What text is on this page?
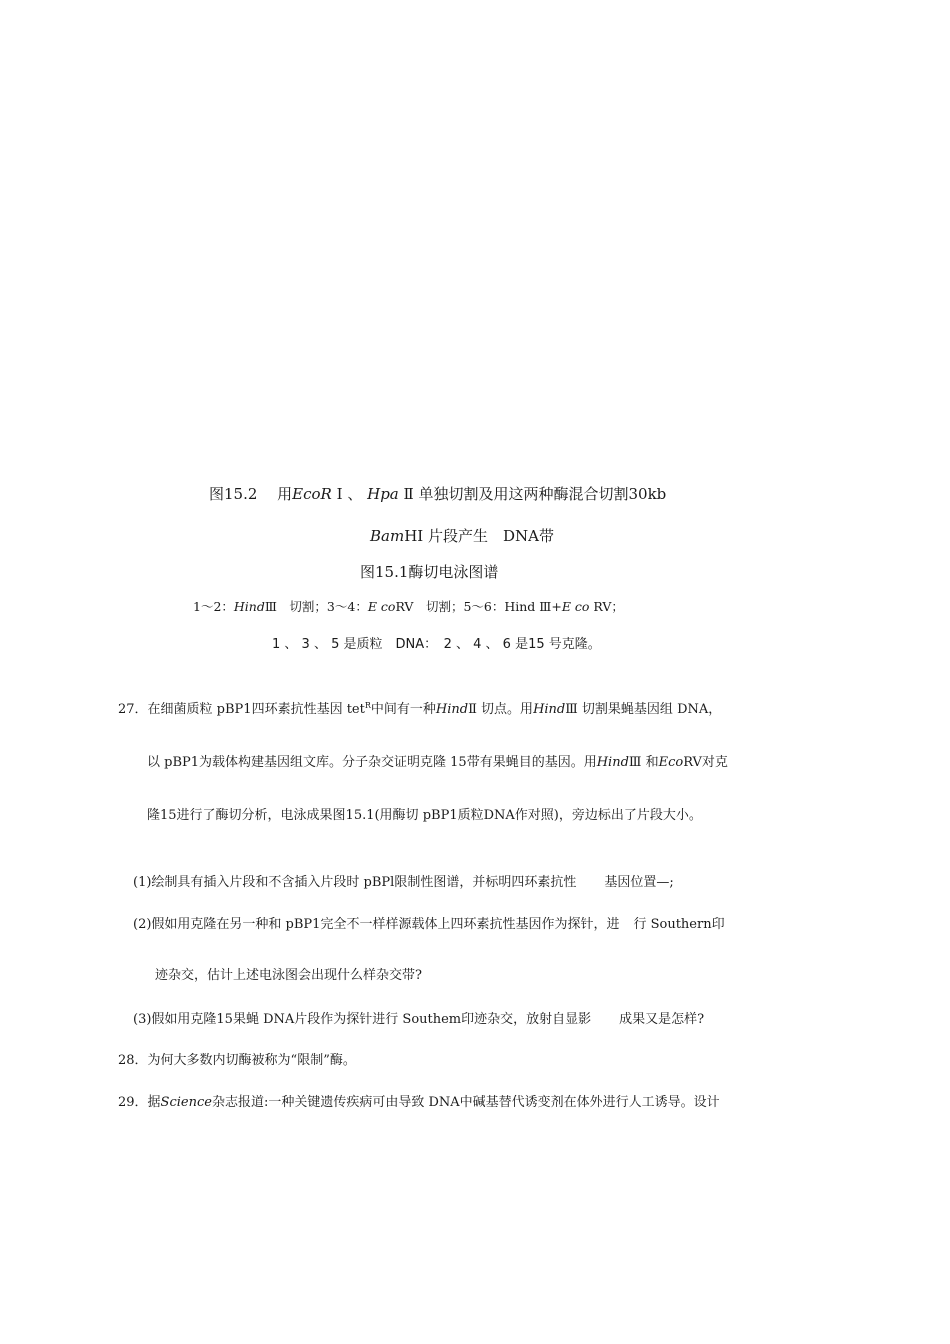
图15.2　 用EcoR Ⅰ 、 Hpa Ⅱ 单独切割及用这两种酶混合切割30kb
BamHⅠ 片段产生　DNA带
图15.1酶切电泳图谱
1～2：HindⅢ　切割；3～4：E coRV　切割；5～6：Hind Ⅲ+E co RV；
1 、 3 、 5 是质粒　DNA：　2 、 4 、 6 是15 号克隆。
27．在细菌质粒 pBP1四环素抗性基因 tet$^R$中间有一种HindⅡ 切点。用HindⅢ 切割果蝇基因组 DNA，
以 pBP1为载体构建基因组文库。分子杂交证明克隆 15带有果蝇目的基因。用HindⅢ 和EcoRV对克
隆15进行了酶切分析，电泳成果图15.1(用酶切 pBP1质粒DNA作对照)，旁边标出了片段大小。
(1)绘制具有插入片段和不含插入片段时 pBPl限制性图谱，并标明四环素抗性 基因位置—;
(2)假如用克隆在另一种和 pBP1完全不一样样源载体上四环素抗性基因作为探针，进 行 Southern印
迹杂交，估计上述电泳图会出现什么样杂交带?
(3)假如用克隆15果蝇 DNA片段作为探针进行 Southem印迹杂交，放射自显影 成果又是怎样?
28．为何大多数内切酶被称为“限制”酶。
29．据Science杂志报道:一种关键遗传疾病可由导致 DNA中碱基替代诱变剂在体外进行人工诱导。设计
